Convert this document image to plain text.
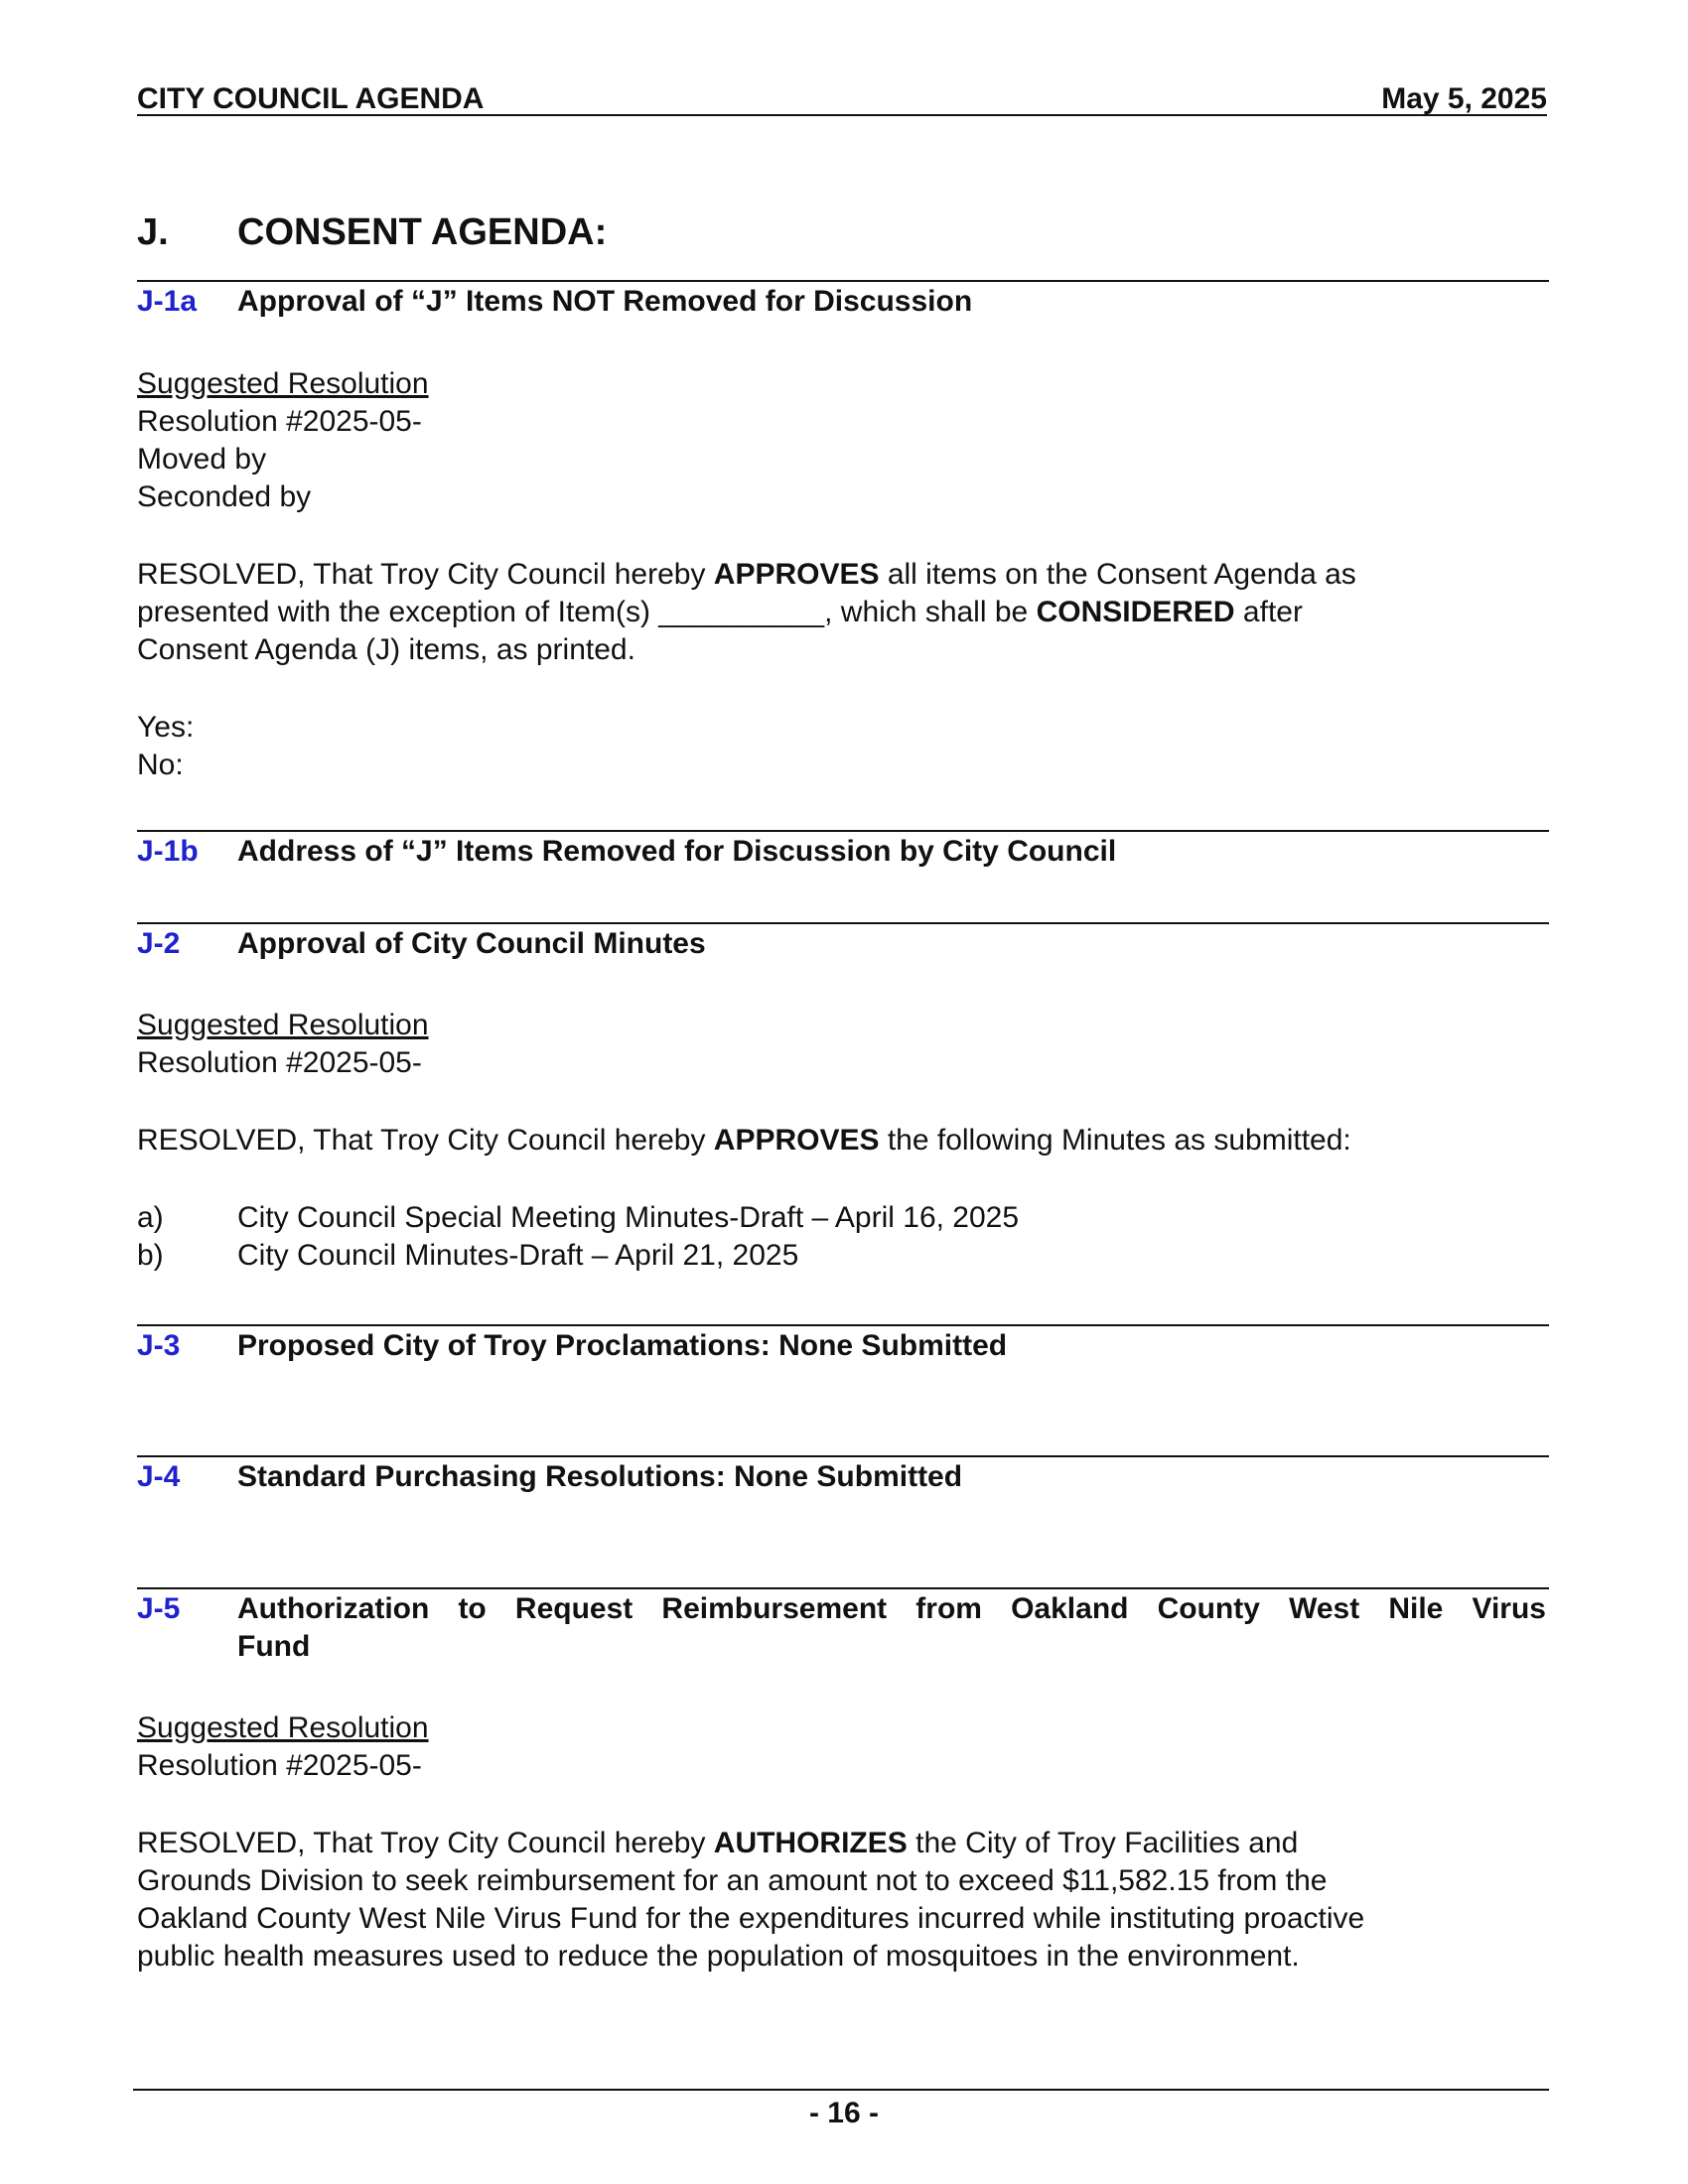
CITY COUNCIL AGENDA	May 5, 2025
J. CONSENT AGENDA:
J-1a Approval of “J” Items NOT Removed for Discussion
Suggested Resolution
Resolution #2025-05-
Moved by
Seconded by
RESOLVED, That Troy City Council hereby APPROVES all items on the Consent Agenda as
presented with the exception of Item(s) __________, which shall be CONSIDERED after
Consent Agenda (J) items, as printed.
Yes:
No:
J-1b Address of “J” Items Removed for Discussion by City Council
J-2 Approval of City Council Minutes
Suggested Resolution
Resolution #2025-05-
RESOLVED, That Troy City Council hereby APPROVES the following Minutes as submitted:
a) City Council Special Meeting Minutes-Draft – April 16, 2025
b) City Council Minutes-Draft – April 21, 2025
J-3 Proposed City of Troy Proclamations: None Submitted
J-4 Standard Purchasing Resolutions: None Submitted
J-5 Authorization to Request Reimbursement from Oakland County West Nile Virus
Fund
Suggested Resolution
Resolution #2025-05-
RESOLVED, That Troy City Council hereby AUTHORIZES the City of Troy Facilities and
Grounds Division to seek reimbursement for an amount not to exceed $11,582.15 from the
Oakland County West Nile Virus Fund for the expenditures incurred while instituting proactive
public health measures used to reduce the population of mosquitoes in the environment.
- 16 -
